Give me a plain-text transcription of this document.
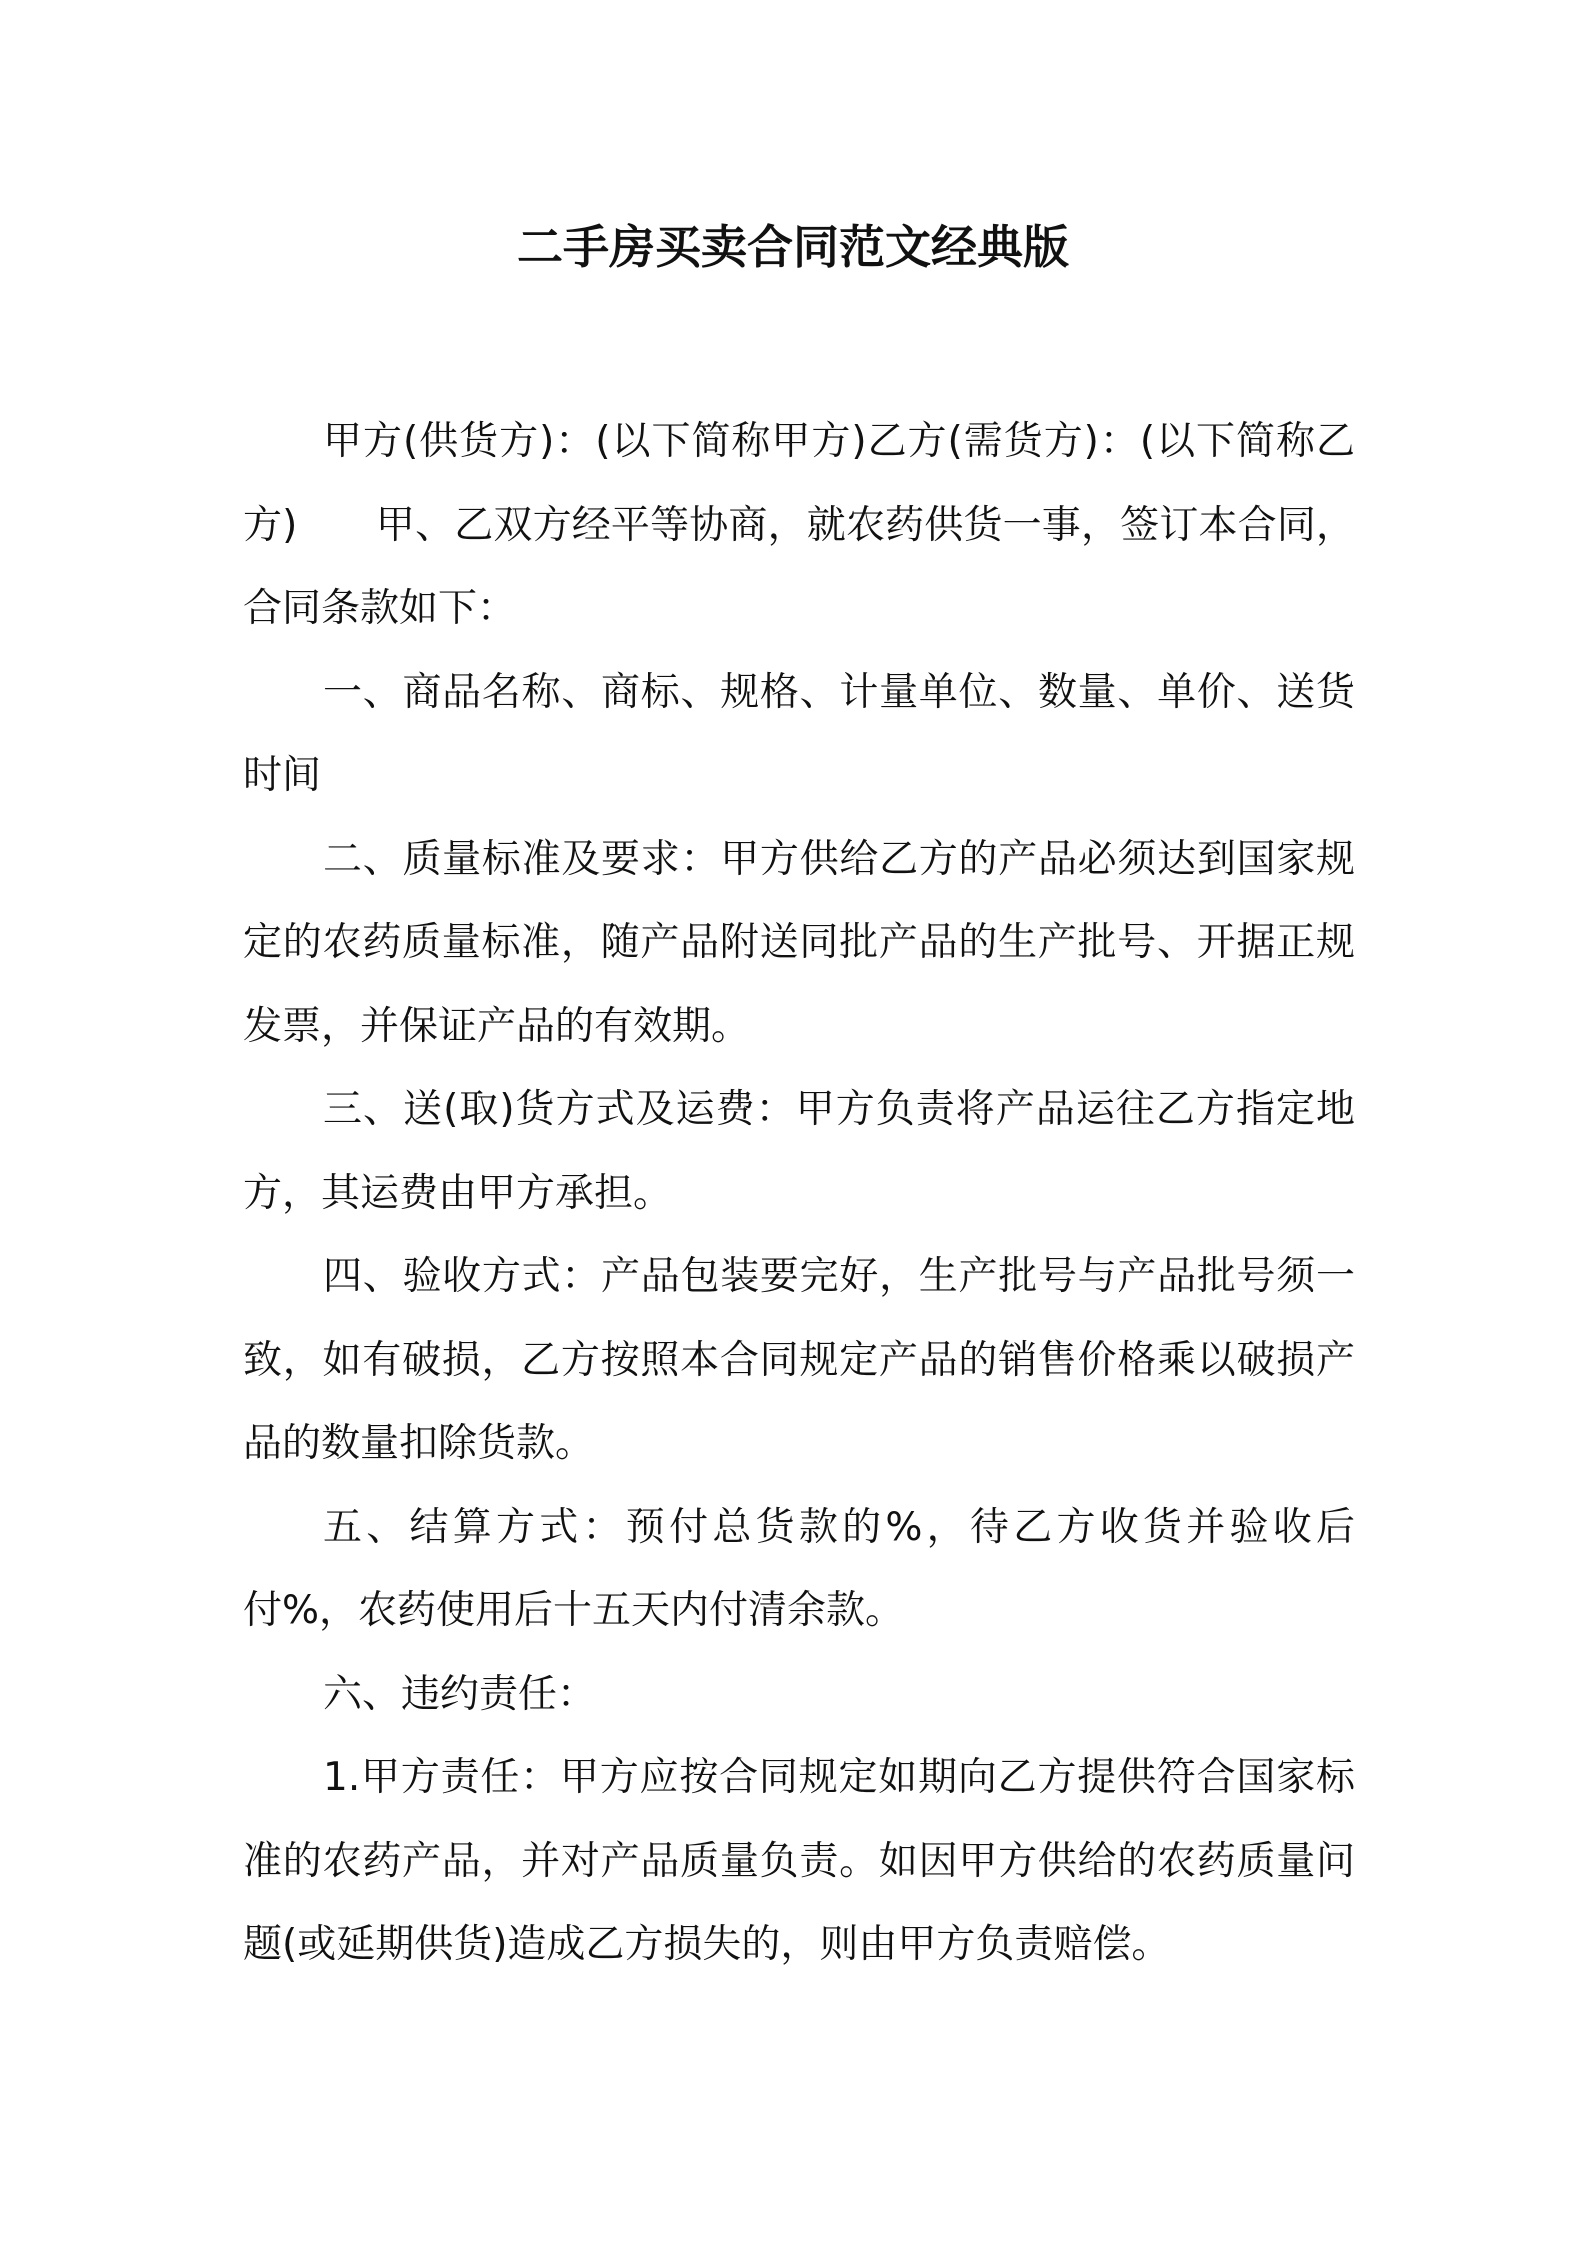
二手房买卖合同范文经典版

甲方(供货方)：(以下简称甲方)乙方(需货方)：(以下简称乙方)　　甲、乙双方经平等协商，就农药供货一事，签订本合同，合同条款如下：

一、商品名称、商标、规格、计量单位、数量、单价、送货时间

二、质量标准及要求：甲方供给乙方的产品必须达到国家规定的农药质量标准，随产品附送同批产品的生产批号、开据正规发票，并保证产品的有效期。

三、送(取)货方式及运费：甲方负责将产品运往乙方指定地方，其运费由甲方承担。

四、验收方式：产品包装要完好，生产批号与产品批号须一致，如有破损，乙方按照本合同规定产品的销售价格乘以破损产品的数量扣除货款。

五、结算方式：预付总货款的%，待乙方收货并验收后付%，农药使用后十五天内付清余款。

六、违约责任：

1.甲方责任：甲方应按合同规定如期向乙方提供符合国家标准的农药产品，并对产品质量负责。如因甲方供给的农药质量问题(或延期供货)造成乙方损失的，则由甲方负责赔偿。
